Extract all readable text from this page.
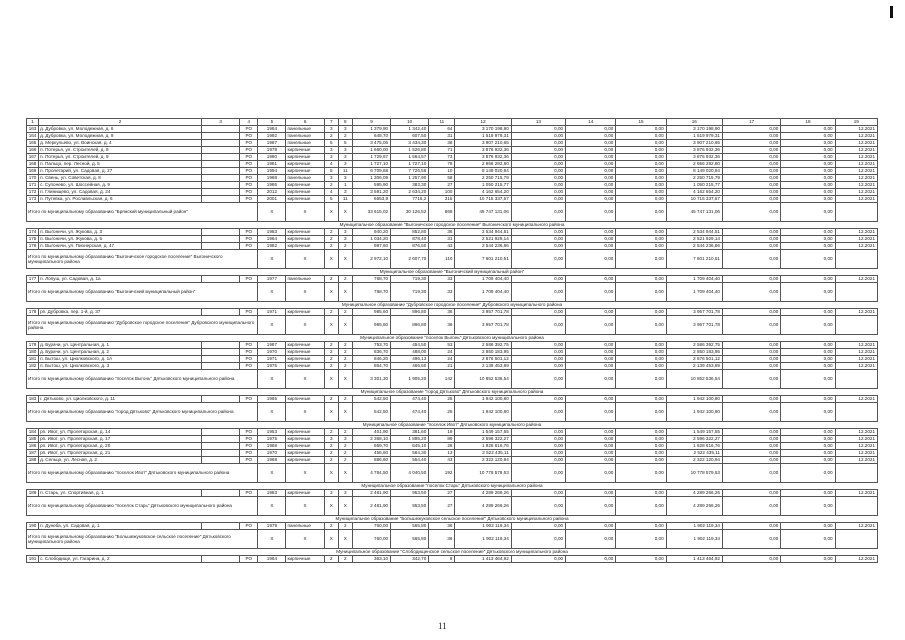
1	2	3	4	5	6	7	8	9	10	11	12	13	14	15	16	17	18	19
163	д. Дубровка, ул. Молодежная, д. 6		РО	1984	панельные	3	3	1 379,90	1 342,40	64	3 170 198,90	0,00	0,00	0,00	3 170 198,90	0,00	0,00	12.2021
164	д. Дубровка, ул. Молодежная, д. 9		РО	1992	панельные	2	2	648,70	607,50	31	1 519 979,31	0,00	0,00	0,00	1 519 979,31	0,00	0,00	12.2021
165	д. Меркульево, ул. Воинская, д. 4		РО	1987	панельные	5	5	3 475,06	3 434,30	38	3 907 210,65	0,00	0,00	0,00	3 907 210,65	0,00	0,00	12.2021
166	п. Потерья, ул. Строителей, д. 8		РО	1978	кирпичные	3	3	1 660,00	1 526,80	71	3 876 932,36	0,00	0,00	0,00	3 876 932,36	0,00	0,00	12.2021
167	п. Потерья, ул. Строителей, д. 9		РО	1980	кирпичные	3	3	1 729,67	1 564,57	73	3 876 932,36	0,00	0,00	0,00	3 876 932,36	0,00	0,00	12.2021
168	п. Пальцо, пер. Лесной, д. 5		РО	1981	кирпичные	4	3	1 727,10	1 727,10	78	2 956 292,80	0,00	0,00	0,00	2 956 292,80	0,00	0,00	12.2021
169	п. Пролетарий, ул. Садовая, д. 27		РО	1994	кирпичные	5	11	6 709,68	7 726,56	10	8 149 020,84	0,00	0,00	0,00	8 149 020,84	0,00	0,00	12.2021
170	п. Свень, ул. Советская, д. 8		РО	1968	панельные	3	3	1 306,09	1 257,90	58	2 250 715,79	0,00	0,00	0,00	2 250 715,79	0,00	0,00	12.2021
171	с. Супонево, ул. Шоссейная, д. 9		РО	1986	кирпичные	2	1	595,90	383,30	27	1 050 215,77	0,00	0,00	0,00	1 050 215,77	0,00	0,00	12.2021
172	п. Глинищево, ул. Садовая, д. 24		РО	2012	кирпичные	4	3	3 591,20	2 634,20	100	4 162 654,20	0,00	0,00	0,00	4 162 654,20	0,00	0,00	12.2021
173	п. Путевка, ул. Рославльская, д. 6		РО	2001	кирпичные	5	11	6653,9	7716,2	315	10 715 337,57	0,00	0,00	0,00	10 715 337,57	0,00	0,00	12.2021
Итого по муниципальному образованию "Брянский муниципальный район"				X	X	X	X	33 615,02	30 126,52	868	45 747 131,06	0,00	0,00	0,00	45 747 131,06	0,00	0,00	
Муниципальное образование "Выгоничское городское поселение" Выгоничского муниципального района																		
174	п. Выгоничи, ул. Жукова, д. 3		РО	1983	кирпичные	2	3	940,20	852,80	36	2 534 944,51	0,00	0,00	0,00	2 534 944,51	0,00	0,00	12.2021
175	п. Выгоничи, ул. Жукова, д. 5		РО	1984	кирпичные	2	3	1 034,20	878,40	31	2 521 929,14	0,00	0,00	0,00	2 521 929,14	0,00	0,00	12.2021
176	п. Выгоничи, ул. Пионерская, д. 47		РО	1982	кирпичные	2	2	997,60	876,50	43	2 544 236,86	0,00	0,00	0,00	2 544 236,86	0,00	0,00	12.2021
Итого по муниципальному образованию "Выгоничское городское поселение" Выгоничского муниципального района				X	X	X	X	2 972,10	2 607,70	110	7 601 210,51	0,00	0,00	0,00	7 601 210,51	0,00	0,00	
Муниципальное образование "Выгоничский муниципальный район"																		
177	п. Лопуш, ул. Садовая, д. 1а		РО	1977	панельные	2	2	788,70	719,30	33	1 709 404,40	0,00	0,00	0,00	1 709 404,40	0,00	0,00	12.2021
Итого по муниципальному образованию "Выгоничский муниципальный район"				X	X	X	X	788,70	719,30	33	1 709 404,40	0,00	0,00	0,00	1 709 404,40	0,00	0,00	
Муниципальное образование "Дубровское городское поселение" Дубровского муниципального района																		
178	рп. Дубровка, пер. 1-й, д. 37		РО	1971	кирпичные	2	2	985,60	896,80	36	3 957 701,78	0,00	0,00	0,00	3 957 701,78	0,00	0,00	12.2021
Итого по муниципальному образованию "Дубровское городское поселение" Дубровского муниципального района				X	X	X	X	985,60	896,80	36	3 957 701,78	0,00	0,00	0,00	3 957 701,78	0,00	0,00	
Муниципальное образование "поселок Выгонь" Дятьковского муниципального района																		
179	д. Бурачи, ул. Центральная, д. 1		РО	1987	кирпичные	2	2	753,70	454,50	53	2 586 392,75	0,00	0,00	0,00	2 586 392,75	0,00	0,00	12.2021
180	д. Бурачи, ул. Центральная, д. 2		РО	1970	кирпичные	2	2	836,70	488,00	24	2 850 183,95	0,00	0,00	0,00	2 850 183,95	0,00	0,00	12.2021
181	п. Бытош, ул. Циолковского, д. 1А		РО	1971	кирпичные	2	2	846,20	496,13	24	2 876 501,12	0,00	0,00	0,00	2 876 501,12	0,00	0,00	12.2021
182	п. Бытош, ул. Циолковского, д. 3		РО	1975	кирпичные	2	2	864,70	466,50	21	2 139 453,89	0,00	0,00	0,00	2 139 453,89	0,00	0,00	12.2021
Итого по муниципальному образованию "поселок Выгонь" Дятьковского муниципального района				X	X	X	X	3 301,30	1 905,20	142	10 852 536,54	0,00	0,00	0,00	10 852 536,54	0,00	0,00	
Муниципальное образование "город Дятьково" Дятьковского муниципального района																		
183	г. Дятьково, ул. Циолковского, д. 11		РО	1965	кирпичные	2	2	542,50	474,40	25	1 942 100,80	0,00	0,00	0,00	1 942 100,80	0,00	0,00	12.2021
Итого по муниципальному образованию "город Дятьково" Дятьковского муниципального района				X	X	X	X	542,50	474,40	25	1 942 100,80	0,00	0,00	0,00	1 942 100,80	0,00	0,00	
Муниципальное образование "поселок Ивот" Дятьковского муниципального района																		
184	рп. Ивот, ул. Пролетарская, д. 14		РО	1953	кирпичные	2	2	401,90	381,60	19	1 549 157,55	0,00	0,00	0,00	1 549 157,55	0,00	0,00	12.2021
185	рп. Ивот, ул. Пролетарская, д. 17		РО	1975	кирпичные	3	3	2 368,10	1 895,20	89	2 596 322,27	0,00	0,00	0,00	2 596 322,27	0,00	0,00	12.2021
186	рп. Ивот, ул. Пролетарская, д. 20		РО	1968	кирпичные	2	2	669,70	645,10	28	1 828 616,76	0,00	0,00	0,00	1 828 616,76	0,00	0,00	12.2021
187	рп. Ивот, ул. Пролетарская, д. 21		РО	1970	кирпичные	2	2	456,60	564,30	13	2 522 435,11	0,00	0,00	0,00	2 522 435,11	0,00	0,00	12.2021
188	д. Сельцо, ул. Лесная, д. 2		РО	1968	кирпичные	2	2	886,60	554,40	43	2 322 120,94	0,00	0,00	0,00	2 322 120,94	0,00	0,00	12.2021
Итого по муниципальному образованию "поселок Ивот" Дятьковского муниципального района				X	X	X	X	4 784,50	4 040,50	192	10 778 579,53	0,00	0,00	0,00	10 778 579,53	0,00	0,00	
Муниципальное образование "поселок Старь" Дятьковского муниципального района																		
189	п. Старь, ул. Спортивная, д. 1		РО	1983	кирпичные	3	3	2 481,90	953,50	27	4 289 266,26	0,00	0,00	0,00	4 289 266,26	0,00	0,00	12.2021
Итого по муниципальному образованию "поселок Старь" Дятьковского муниципального района				X	X	X	X	2 481,90	953,50	27	4 289 266,26	0,00	0,00	0,00	4 289 266,26	0,00	0,00	
Муниципальное образование "Большежуковское сельское поселение" Дятьковского муниципального района																		
190	п. Дунеба, ул. Садовая, д. 1		РО	1979	панельные	2	2	760,00	565,80	36	1 902 119,34	0,00	0,00	0,00	1 902 119,34	0,00	0,00	12.2021
Итого по муниципальному образованию "Большежуковское сельское поселение" Дятьковского муниципального района				X	X	X	X	760,00	565,80	36	1 902 119,34	0,00	0,00	0,00	1 902 119,34	0,00	0,00	
Муниципальное образование "Слободищенское сельское поселение" Дятьковского муниципального района																		
191	с. Слободище, ул. Гагарина, д. 2		РО	1964	кирпичные	2	2	363,10	342,70	8	1 413 464,92	0,00	0,00	0,00	1 413 464,92	0,00	0,00	12.2021
11
